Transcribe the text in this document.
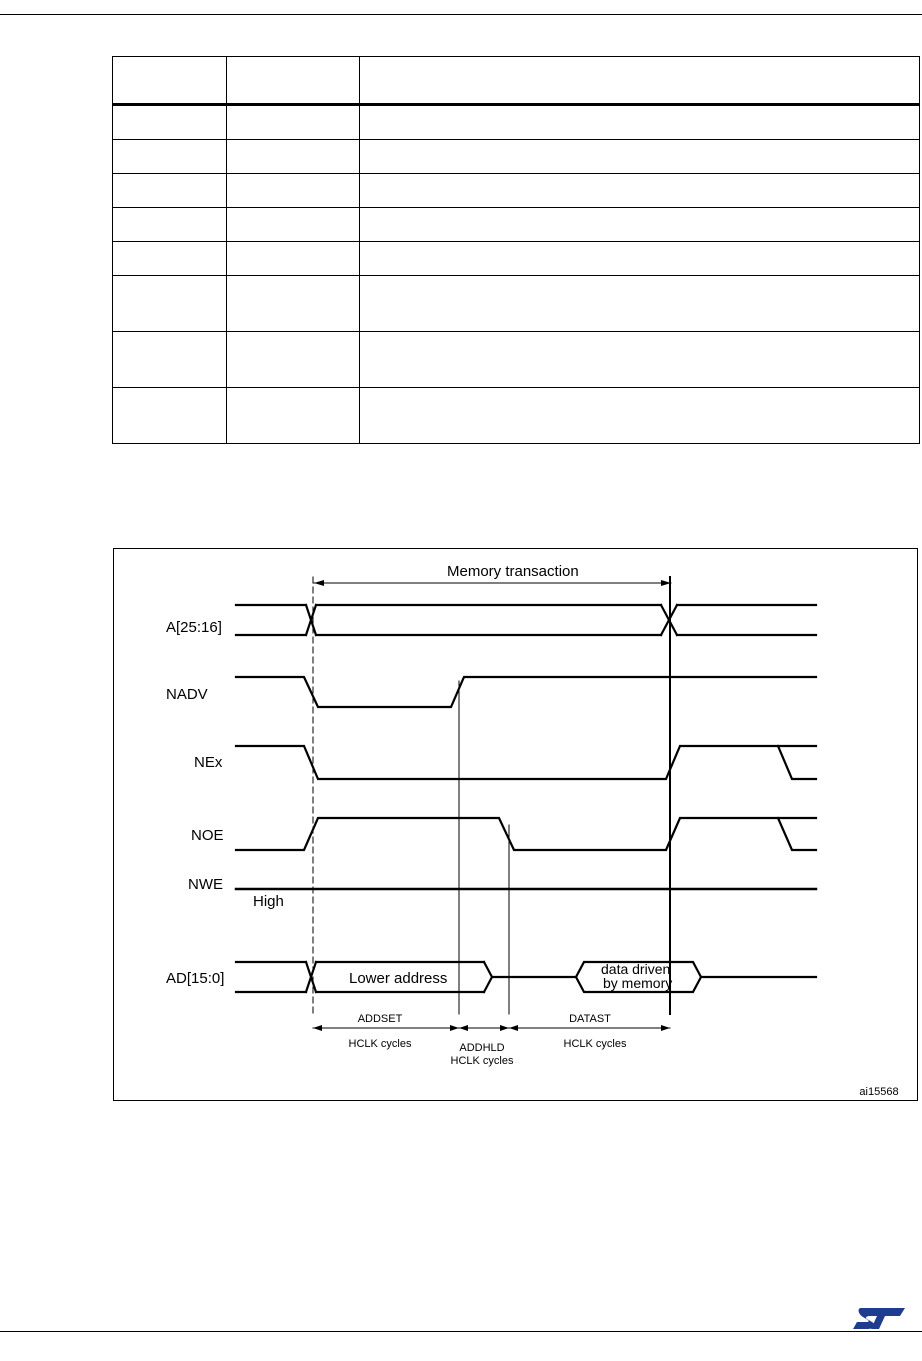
A[25:16]
NADV
NEx
NOE
NWE
AD[15:0]
Memory transaction
High
Lower address
data driven
by memory
ADDSET
HCLK cycles	ADDHLD
HCLK cycles
DATAST
HCLK cycles
ai15568
